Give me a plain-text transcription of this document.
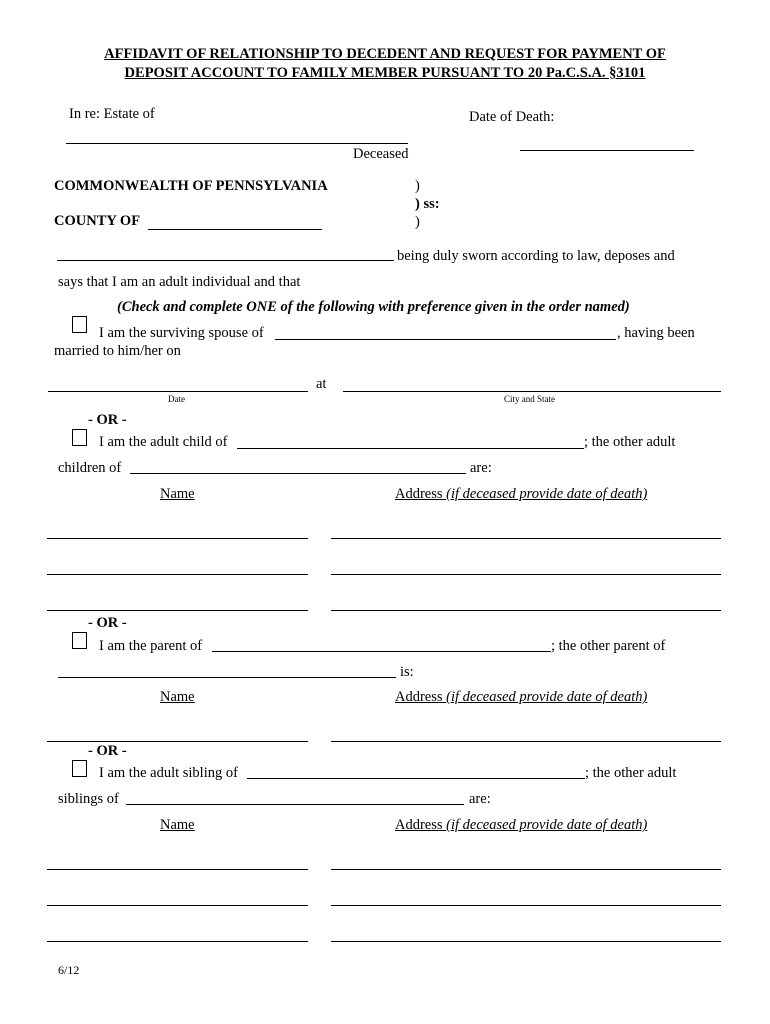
AFFIDAVIT OF RELATIONSHIP TO DECEDENT AND REQUEST FOR PAYMENT OF
DEPOSIT ACCOUNT TO FAMILY MEMBER PURSUANT TO 20 Pa.C.S.A. §3101
In re: Estate of	Date of Death:
Deceased
COMMONWEALTH OF PENNSYLVANIA	)
) ss:
)
COUNTY OF
being duly sworn according to law, deposes and
says that I am an adult individual and that
(Check and complete ONE of the following with preference given in the order named)
I am the surviving spouse of	, having been
married to him/her on
at
Date	City and State
- OR -
I am the adult child of	; the other adult
children of	are:
Name	Address (if deceased provide date of death)
- OR -
I am the parent of	; the other parent of
is:
Name	Address (if deceased provide date of death)
- OR -
I am the adult sibling of	; the other adult
siblings of	are:
Name	Address (if deceased provide date of death)
6/12
